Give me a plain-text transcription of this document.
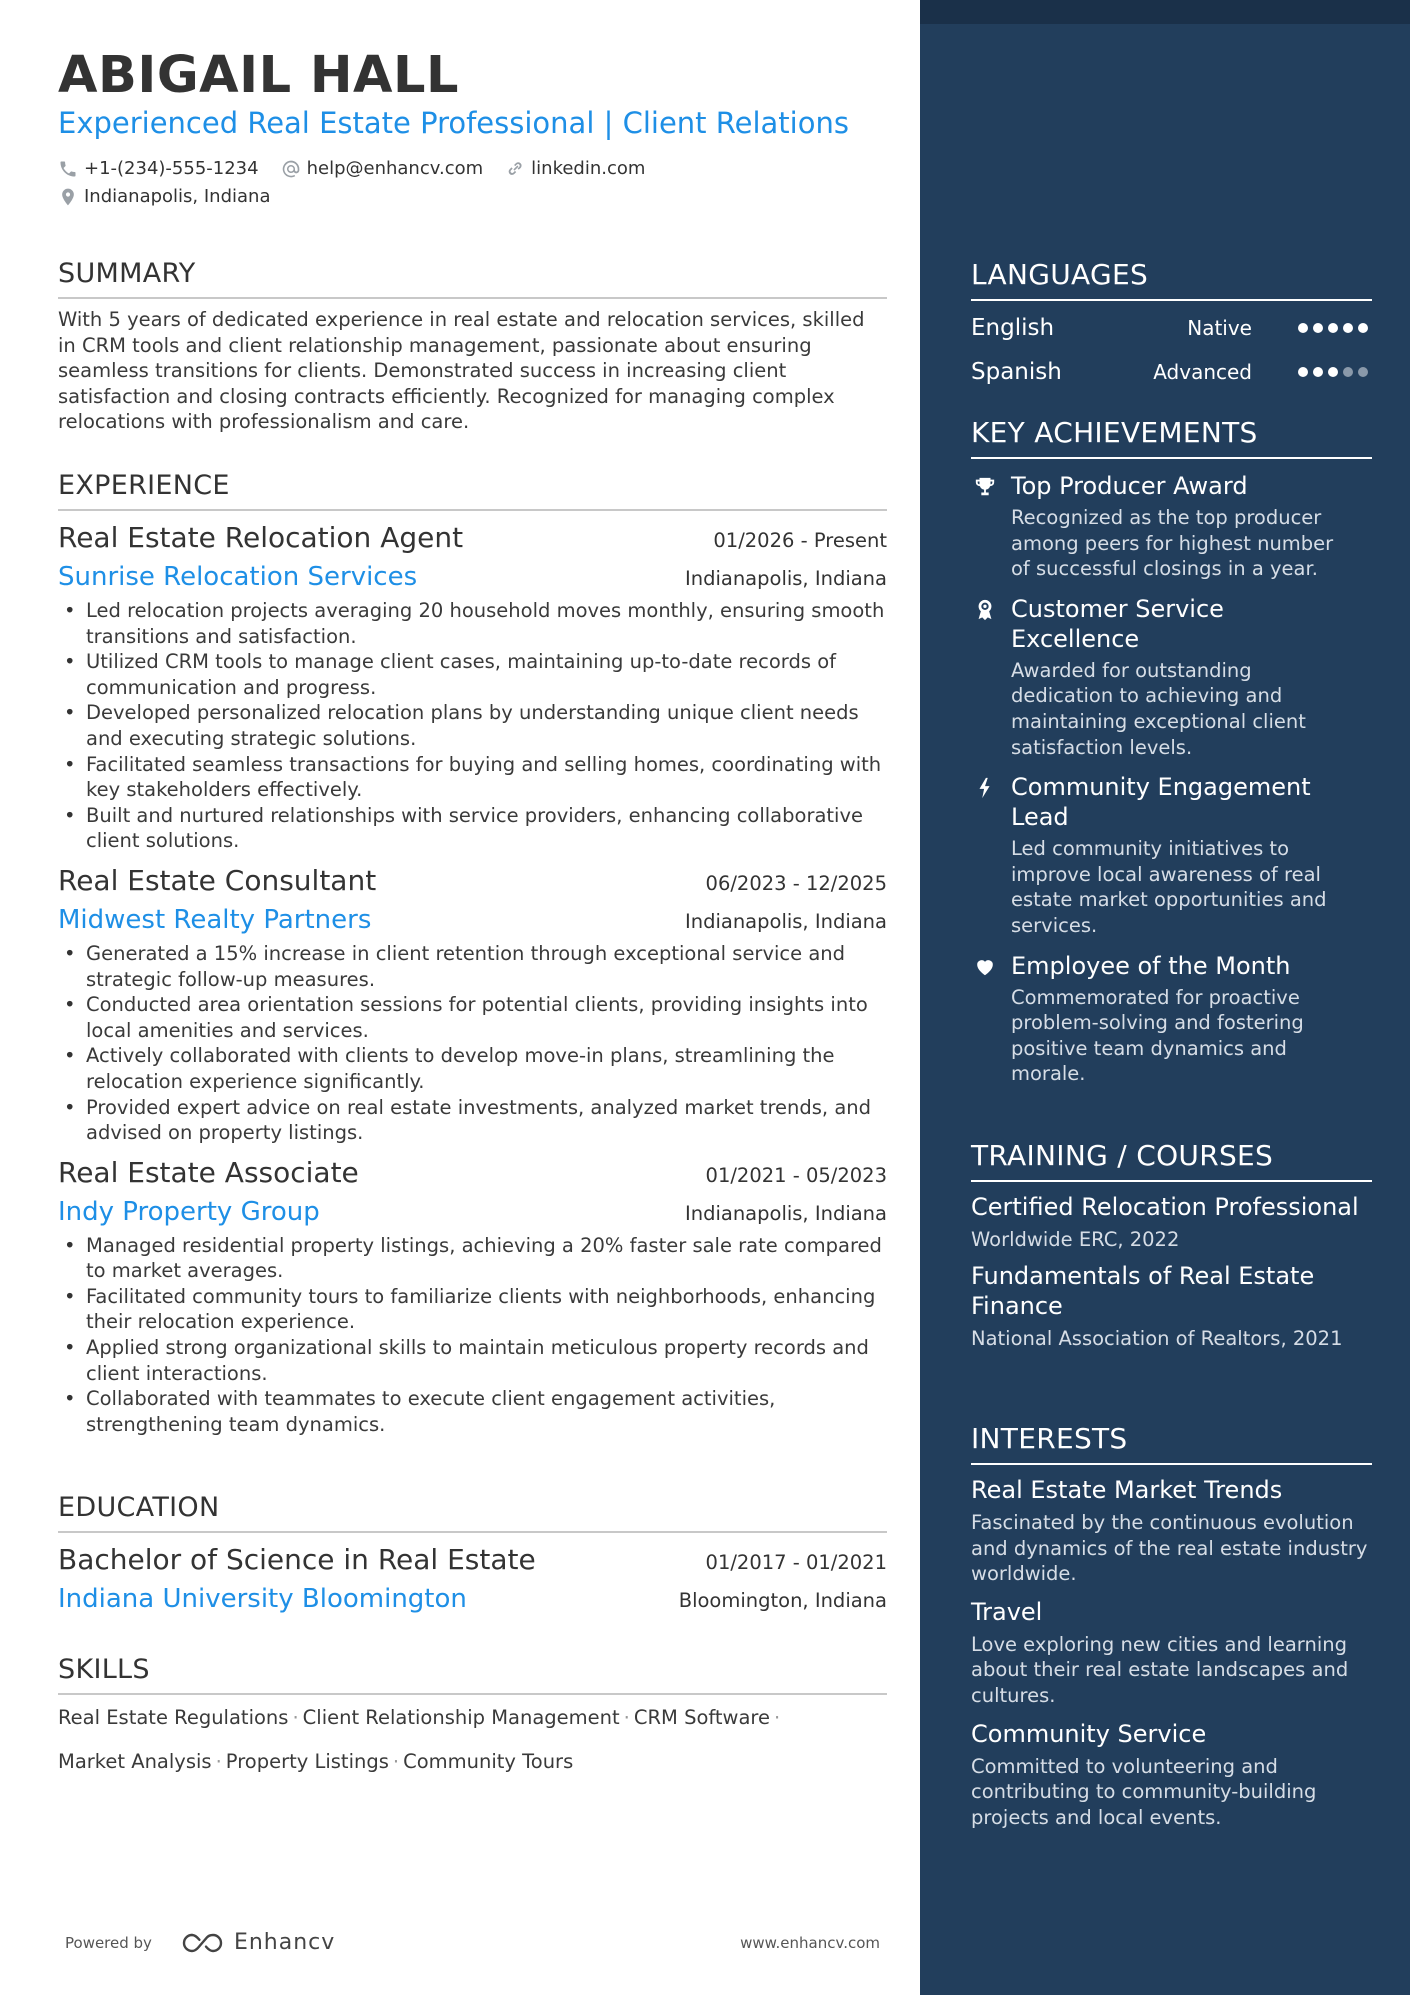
ABIGAIL HALL
Experienced Real Estate Professional | Client Relations
+1-(234)-555-1234	help@enhancv.com	linkedin.com
Indianapolis, Indiana
SUMMARY
With 5 years of dedicated experience in real estate and relocation services, skilled in CRM tools and client relationship management, passionate about ensuring seamless transitions for clients. Demonstrated success in increasing client satisfaction and closing contracts efficiently. Recognized for managing complex relocations with professionalism and care.
EXPERIENCE
Real Estate Relocation Agent	01/2026 - Present
Sunrise Relocation Services	Indianapolis, Indiana
• Led relocation projects averaging 20 household moves monthly, ensuring smooth transitions and satisfaction.
• Utilized CRM tools to manage client cases, maintaining up-to-date records of communication and progress.
• Developed personalized relocation plans by understanding unique client needs and executing strategic solutions.
• Facilitated seamless transactions for buying and selling homes, coordinating with key stakeholders effectively.
• Built and nurtured relationships with service providers, enhancing collaborative client solutions.
Real Estate Consultant	06/2023 - 12/2025
Midwest Realty Partners	Indianapolis, Indiana
• Generated a 15% increase in client retention through exceptional service and strategic follow-up measures.
• Conducted area orientation sessions for potential clients, providing insights into local amenities and services.
• Actively collaborated with clients to develop move-in plans, streamlining the relocation experience significantly.
• Provided expert advice on real estate investments, analyzed market trends, and advised on property listings.
Real Estate Associate	01/2021 - 05/2023
Indy Property Group	Indianapolis, Indiana
• Managed residential property listings, achieving a 20% faster sale rate compared to market averages.
• Facilitated community tours to familiarize clients with neighborhoods, enhancing their relocation experience.
• Applied strong organizational skills to maintain meticulous property records and client interactions.
• Collaborated with teammates to execute client engagement activities, strengthening team dynamics.
EDUCATION
Bachelor of Science in Real Estate	01/2017 - 01/2021
Indiana University Bloomington	Bloomington, Indiana
SKILLS
Real Estate Regulations · Client Relationship Management · CRM Software ·
Market Analysis · Property Listings · Community Tours
Powered by	Enhancv	www.enhancv.com
LANGUAGES
English	Native
Spanish	Advanced
KEY ACHIEVEMENTS
Top Producer Award
Recognized as the top producer among peers for highest number of successful closings in a year.
Customer Service Excellence
Awarded for outstanding dedication to achieving and maintaining exceptional client satisfaction levels.
Community Engagement Lead
Led community initiatives to improve local awareness of real estate market opportunities and services.
Employee of the Month
Commemorated for proactive problem-solving and fostering positive team dynamics and morale.
TRAINING / COURSES
Certified Relocation Professional
Worldwide ERC, 2022
Fundamentals of Real Estate Finance
National Association of Realtors, 2021
INTERESTS
Real Estate Market Trends
Fascinated by the continuous evolution and dynamics of the real estate industry worldwide.
Travel
Love exploring new cities and learning about their real estate landscapes and cultures.
Community Service
Committed to volunteering and contributing to community-building projects and local events.
